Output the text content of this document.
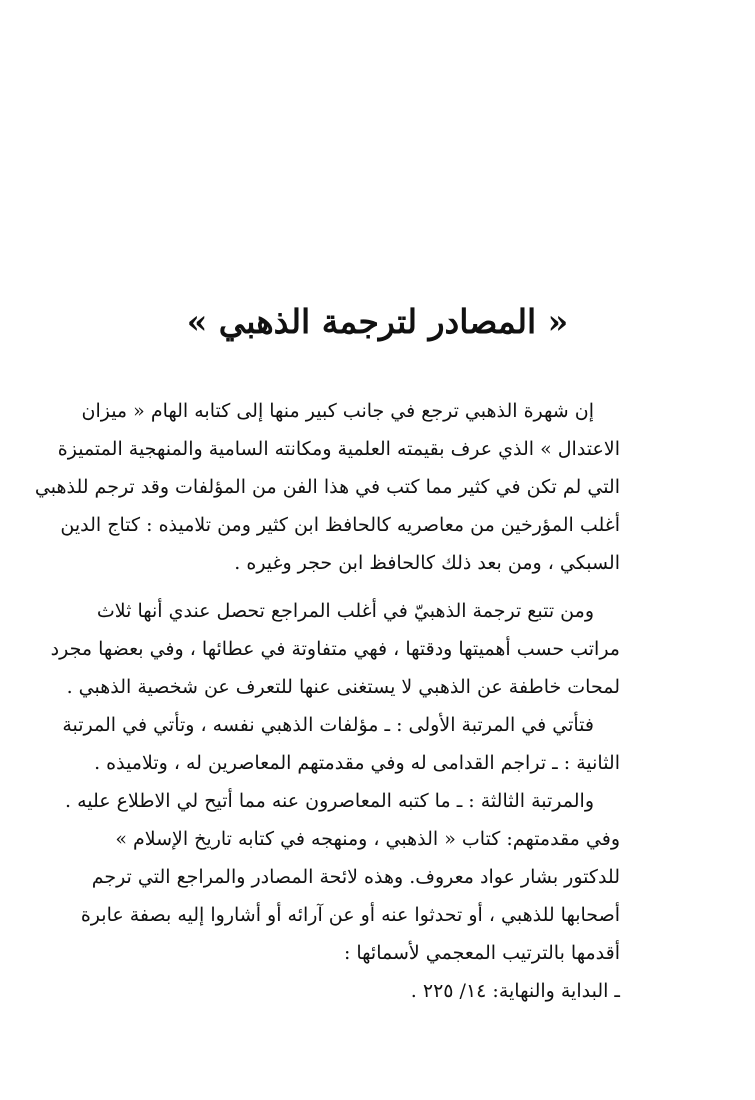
« المصادر لترجمة الذهبي »
إن شهرة الذهبي ترجع في جانب كبير منها إلى كتابه الهام « ميزان
الاعتدال » الذي عرف بقيمته العلمية ومكانته السامية والمنهجية المتميزة
التي لم تكن في كثير مما كتب في هذا الفن من المؤلفات وقد ترجم للذهبي
أغلب المؤرخين من معاصريه كالحافظ ابن كثير ومن تلاميذه : كتاج الدين
السبكي ، ومن بعد ذلك كالحافظ ابن حجر وغيره .
ومن تتبع ترجمة الذهبيّ في أغلب المراجع تحصل عندي أنها ثلاث
مراتب حسب أهميتها ودقتها ، فهي متفاوتة في عطائها ، وفي بعضها مجرد
لمحات خاطفة عن الذهبي لا يستغنى عنها للتعرف عن شخصية الذهبي .
فتأتي في المرتبة الأولى : ـ مؤلفات الذهبي نفسه ، وتأتي في المرتبة
الثانية : ـ تراجم القدامى له وفي مقدمتهم المعاصرين له ، وتلاميذه .
والمرتبة الثالثة : ـ ما كتبه المعاصرون عنه مما أتيح لي الاطلاع عليه .
وفي مقدمتهم: كتاب « الذهبي ، ومنهجه في كتابه تاريخ الإسلام »
للدكتور بشار عواد معروف. وهذه لائحة المصادر والمراجع التي ترجم
أصحابها للذهبي ، أو تحدثوا عنه أو عن آرائه أو أشاروا إليه بصفة عابرة
أقدمها بالترتيب المعجمي لأسمائها :
ـ البداية والنهاية: ١٤/ ٢٢٥ .
